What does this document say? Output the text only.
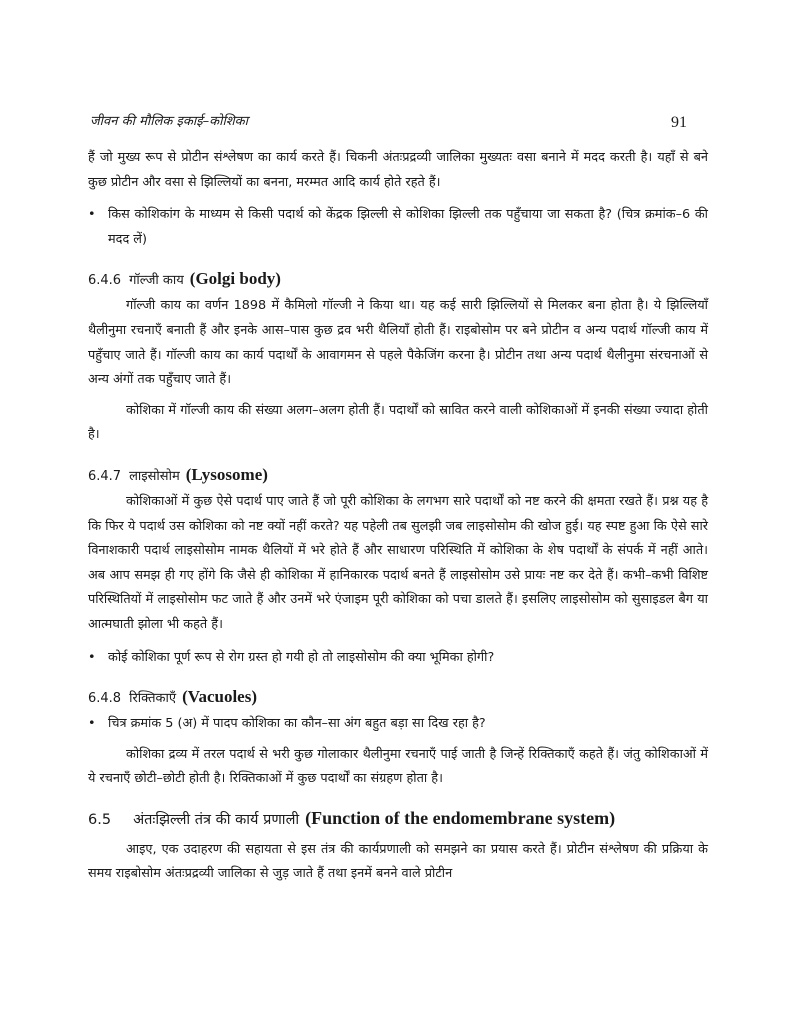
जीवन की मौलिक इकाई–कोशिका	91

हैं जो मुख्य रूप से प्रोटीन संश्लेषण का कार्य करते हैं। चिकनी अंतःप्रद्रव्यी जालिका मुख्यतः वसा बनाने में मदद करती है। यहाँ से बने कुछ प्रोटीन और वसा से झिल्लियों का बनना, मरम्मत आदि कार्य होते रहते हैं।

• किस कोशिकांग के माध्यम से किसी पदार्थ को केंद्रक झिल्ली से कोशिका झिल्ली तक पहुँचाया जा सकता है? (चित्र क्रमांक–6 की मदद लें)
6.4.6 गॉल्जी काय (Golgi body)

गॉल्जी काय का वर्णन 1898 में कैमिलो गॉल्जी ने किया था। यह कई सारी झिल्लियों से मिलकर बना होता है। ये झिल्लियाँ थैलीनुमा रचनाएँ बनाती हैं और इनके आस–पास कुछ द्रव भरी थैलियाँ होती हैं। राइबोसोम पर बने प्रोटीन व अन्य पदार्थ गॉल्जी काय में पहुँचाए जाते हैं। गॉल्जी काय का कार्य पदार्थों के आवागमन से पहले पैकेजिंग करना है। प्रोटीन तथा अन्य पदार्थ थैलीनुमा संरचनाओं से अन्य अंगों तक पहुँचाए जाते हैं।

कोशिका में गॉल्जी काय की संख्या अलग–अलग होती हैं। पदार्थों को स्रावित करने वाली कोशिकाओं में इनकी संख्या ज्यादा होती है।

6.4.7 लाइसोसोम (Lysosome)

कोशिकाओं में कुछ ऐसे पदार्थ पाए जाते हैं जो पूरी कोशिका के लगभग सारे पदार्थों को नष्ट करने की क्षमता रखते हैं। प्रश्न यह है कि फिर ये पदार्थ उस कोशिका को नष्ट क्यों नहीं करते? यह पहेली तब सुलझी जब लाइसोसोम की खोज हुई। यह स्पष्ट हुआ कि ऐसे सारे विनाशकारी पदार्थ लाइसोसोम नामक थैलियों में भरे होते हैं और साधारण परिस्थिति में कोशिका के शेष पदार्थों के संपर्क में नहीं आते। अब आप समझ ही गए होंगे कि जैसे ही कोशिका में हानिकारक पदार्थ बनते हैं लाइसोसोम उसे प्रायः नष्ट कर देते हैं। कभी–कभी विशिष्ट परिस्थितियों में लाइसोसोम फट जाते हैं और उनमें भरे एंजाइम पूरी कोशिका को पचा डालते हैं। इसलिए लाइसोसोम को सुसाइडल बैग या आत्मघाती झोला भी कहते हैं।

• कोई कोशिका पूर्ण रूप से रोग ग्रस्त हो गयी हो तो लाइसोसोम की क्या भूमिका होगी?
6.4.8 रिक्तिकाएँ (Vacuoles)
• चित्र क्रमांक 5 (अ) में पादप कोशिका का कौन–सा अंग बहुत बड़ा सा दिख रहा है?

कोशिका द्रव्य में तरल पदार्थ से भरी कुछ गोलाकार थैलीनुमा रचनाएँ पाई जाती है जिन्हें रिक्तिकाएँ कहते हैं। जंतु कोशिकाओं में ये रचनाएँ छोटी–छोटी होती है। रिक्तिकाओं में कुछ पदार्थों का संग्रहण होता है।

6.5 अंतःझिल्ली तंत्र की कार्य प्रणाली (Function of the endomembrane system)

आइए, एक उदाहरण की सहायता से इस तंत्र की कार्यप्रणाली को समझने का प्रयास करते हैं। प्रोटीन संश्लेषण की प्रक्रिया के समय राइबोसोम अंतःप्रद्रव्यी जालिका से जुड़ जाते हैं तथा इनमें बनने वाले प्रोटीन
